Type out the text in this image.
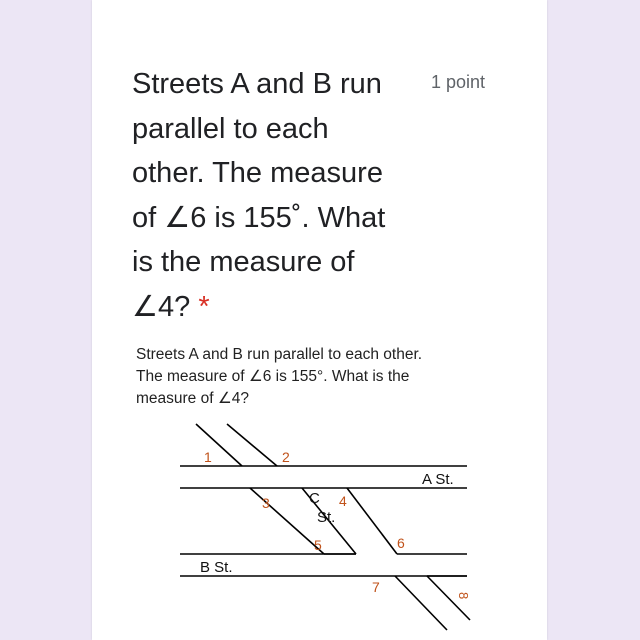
Streets A and B run
parallel to each
other. The measure
of ∠6 is 155˚. What
is the measure of
∠4? *
1 point
Streets A and B run parallel to each other.
The measure of ∠6 is 155°. What is the
measure of ∠4?
1	2
3	4
5	6
7
8
A St.
B St.
C
St.
